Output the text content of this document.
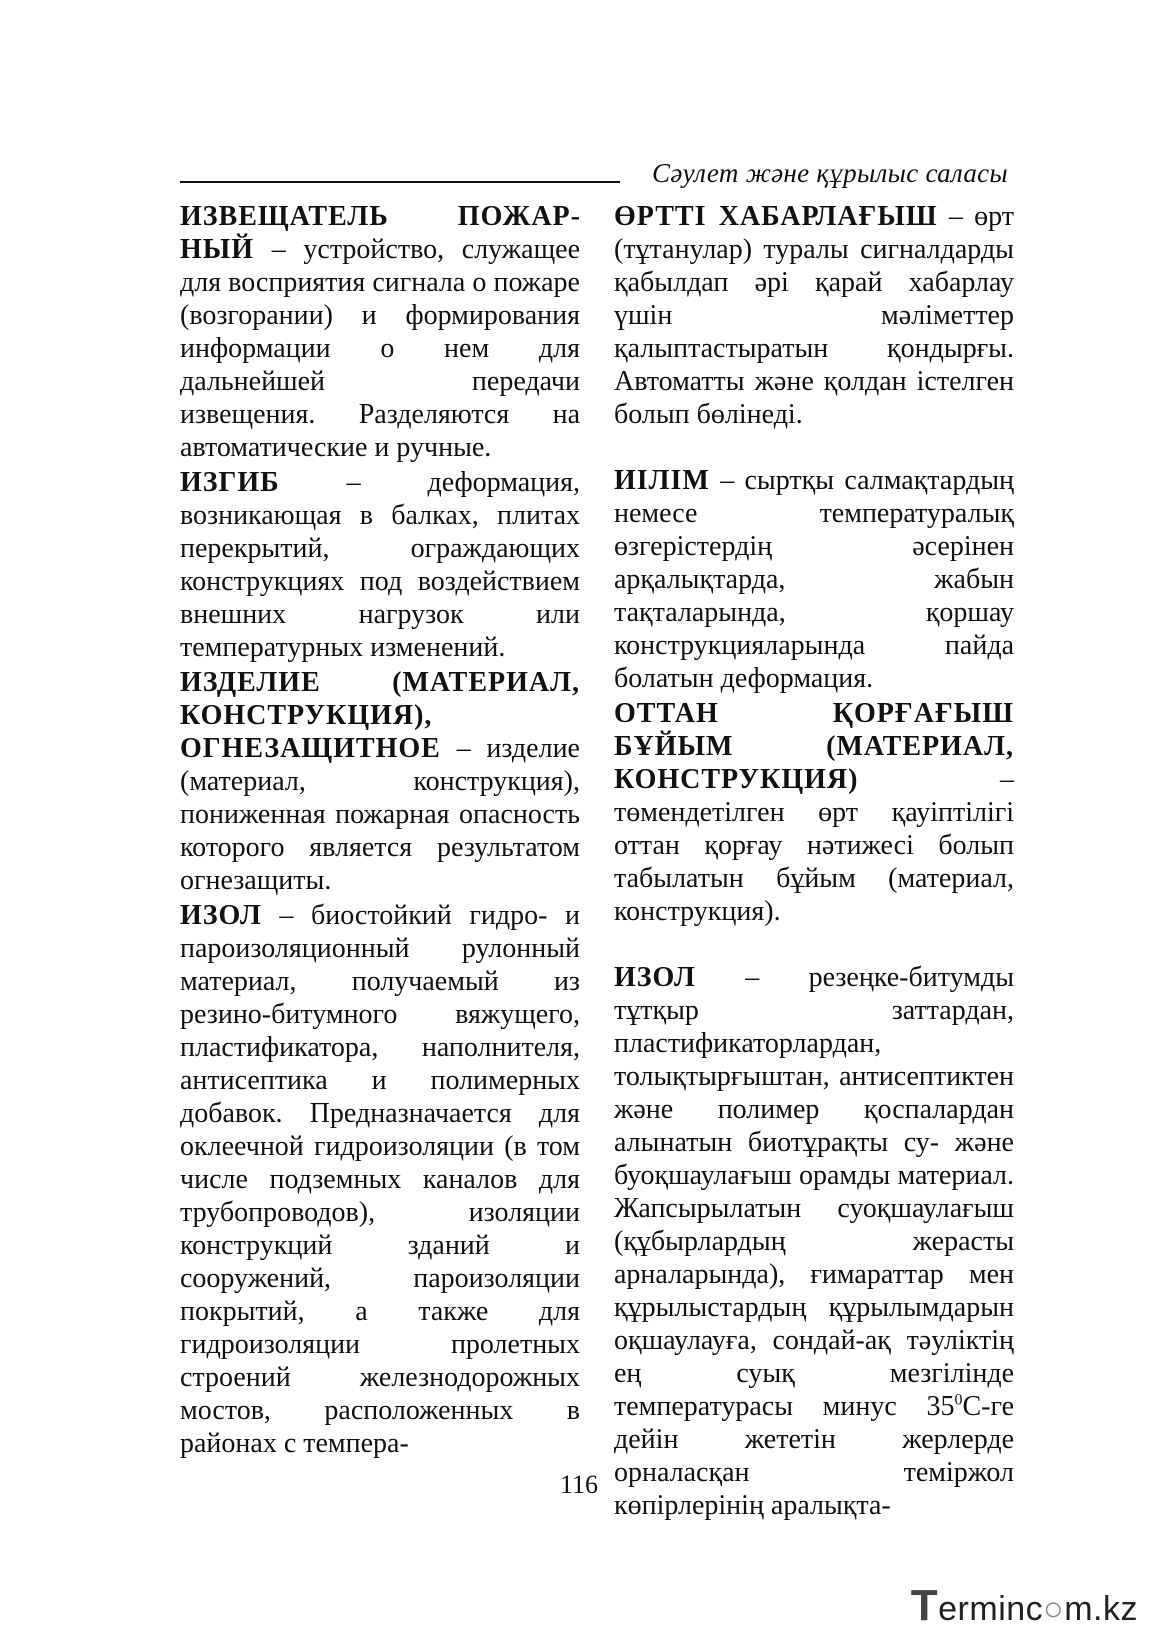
Сәулет және құрылыс саласы

ИЗВЕЩАТЕЛЬ ПОЖАРНЫЙ – устройство, служащее для восприятия сигнала о пожаре (возгорании) и формирования информации о нем для дальнейшей передачи извещения. Разделяются на автоматические и ручные.

ИЗГИБ – деформация, возникающая в балках, плитах перекрытий, ограждающих конструкциях под воздействием внешних нагрузок или температурных изменений.

ИЗДЕЛИЕ (МАТЕРИАЛ, КОНСТРУКЦИЯ), ОГНЕЗАЩИТНОЕ – изделие (материал, конструкция), пониженная пожарная опасность которого является результатом огнезащиты.

ИЗОЛ – биостойкий гидро- и пароизоляционный рулонный материал, получаемый из резино-битумного вяжущего, пластификатора, наполнителя, антисептика и полимерных добавок. Предназначается для оклеечной гидроизоляции (в том числе подземных каналов для трубопроводов), изоляции конструкций зданий и сооружений, пароизоляции покрытий, а также для гидроизоляции пролетных строений железнодорожных мостов, расположенных в районах с темпера-

ӨРТТІ ХАБАРЛАҒЫШ – өрт (тұтанулар) туралы сигналдарды қабылдап әрі қарай хабарлау үшін мәліметтер қалыптастыратын қондырғы. Автоматты және қолдан істелген болып бөлінеді.

ИІЛІМ – сыртқы салмақтардың немесе температуралық өзгерістердің әсерінен арқалықтарда, жабын тақталарында, қоршау конструкцияларында пайда болатын деформация.

ОТТАН ҚОРҒАҒЫШ БҰЙЫМ (МАТЕРИАЛ, КОНСТРУКЦИЯ) – төмендетілген өрт қауіптілігі оттан қорғау нәтижесі болып табылатын бұйым (материал, конструкция).

ИЗОЛ – резеңке-битумды тұтқыр заттардан, пластификаторлардан, толықтырғыштан, антисептиктен және полимер қоспалардан алынатын биотұрақты су- және буоқшаулағыш орамды материал. Жапсырылатын суоқшаулағыш (құбырлардың жерасты арналарында), ғимараттар мен құрылыстардың құрылымдарын оқшаулауға, сондай-ақ тәуліктің ең суық мезгілінде температурасы минус $35^0С-ге$ дейін жететін жерлерде орналасқан теміржол көпірлерінің аралықта-

116
Terminc○m.kz
